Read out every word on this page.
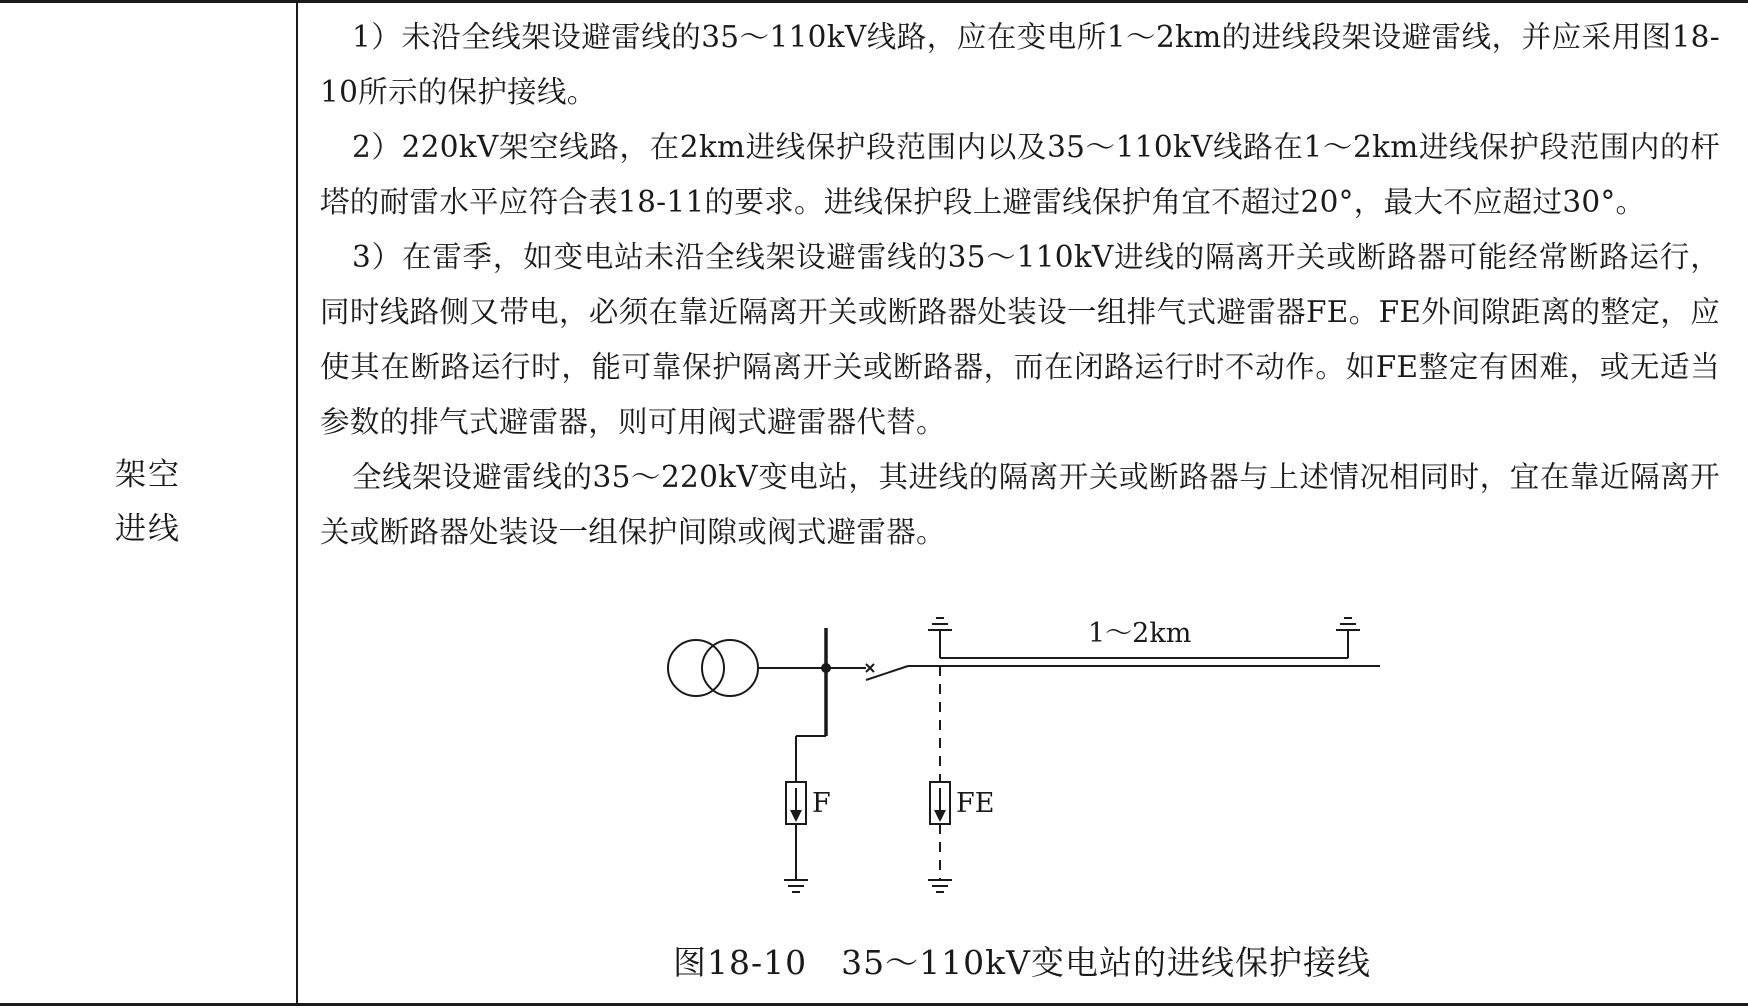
架空
进线

1）未沿全线架设避雷线的35～110kV线路，应在变电所1～2km的进线段架设避雷线，并应采用图18-10所示的保护接线。

2）220kV架空线路，在2km进线保护段范围内以及35～110kV线路在1～2km进线保护段范围内的杆塔的耐雷水平应符合表18-11的要求。进线保护段上避雷线保护角宜不超过20°，最大不应超过30°。

3）在雷季，如变电站未沿全线架设避雷线的35～110kV进线的隔离开关或断路器可能经常断路运行，同时线路侧又带电，必须在靠近隔离开关或断路器处装设一组排气式避雷器FE。FE外间隙距离的整定，应使其在断路运行时，能可靠保护隔离开关或断路器，而在闭路运行时不动作。如FE整定有困难，或无适当参数的排气式避雷器，则可用阀式避雷器代替。

全线架设避雷线的35～220kV变电站，其进线的隔离开关或断路器与上述情况相同时，宜在靠近隔离开关或断路器处装设一组保护间隙或阀式避雷器。

1～2km
F	FE
图18-10　35～110kV变电站的进线保护接线
